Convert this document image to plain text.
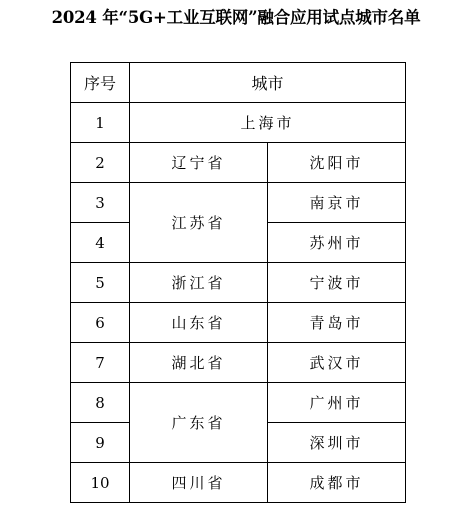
2024 年“5G+工业互联网”融合应用试点城市名单
序号	城市	
1	上海市	
2	辽宁省	沈阳市
3	江苏省	南京市
4		苏州市
5	浙江省	宁波市
6	山东省	青岛市
7	湖北省	武汉市
8	广东省	广州市
9		深圳市
10	四川省	成都市
